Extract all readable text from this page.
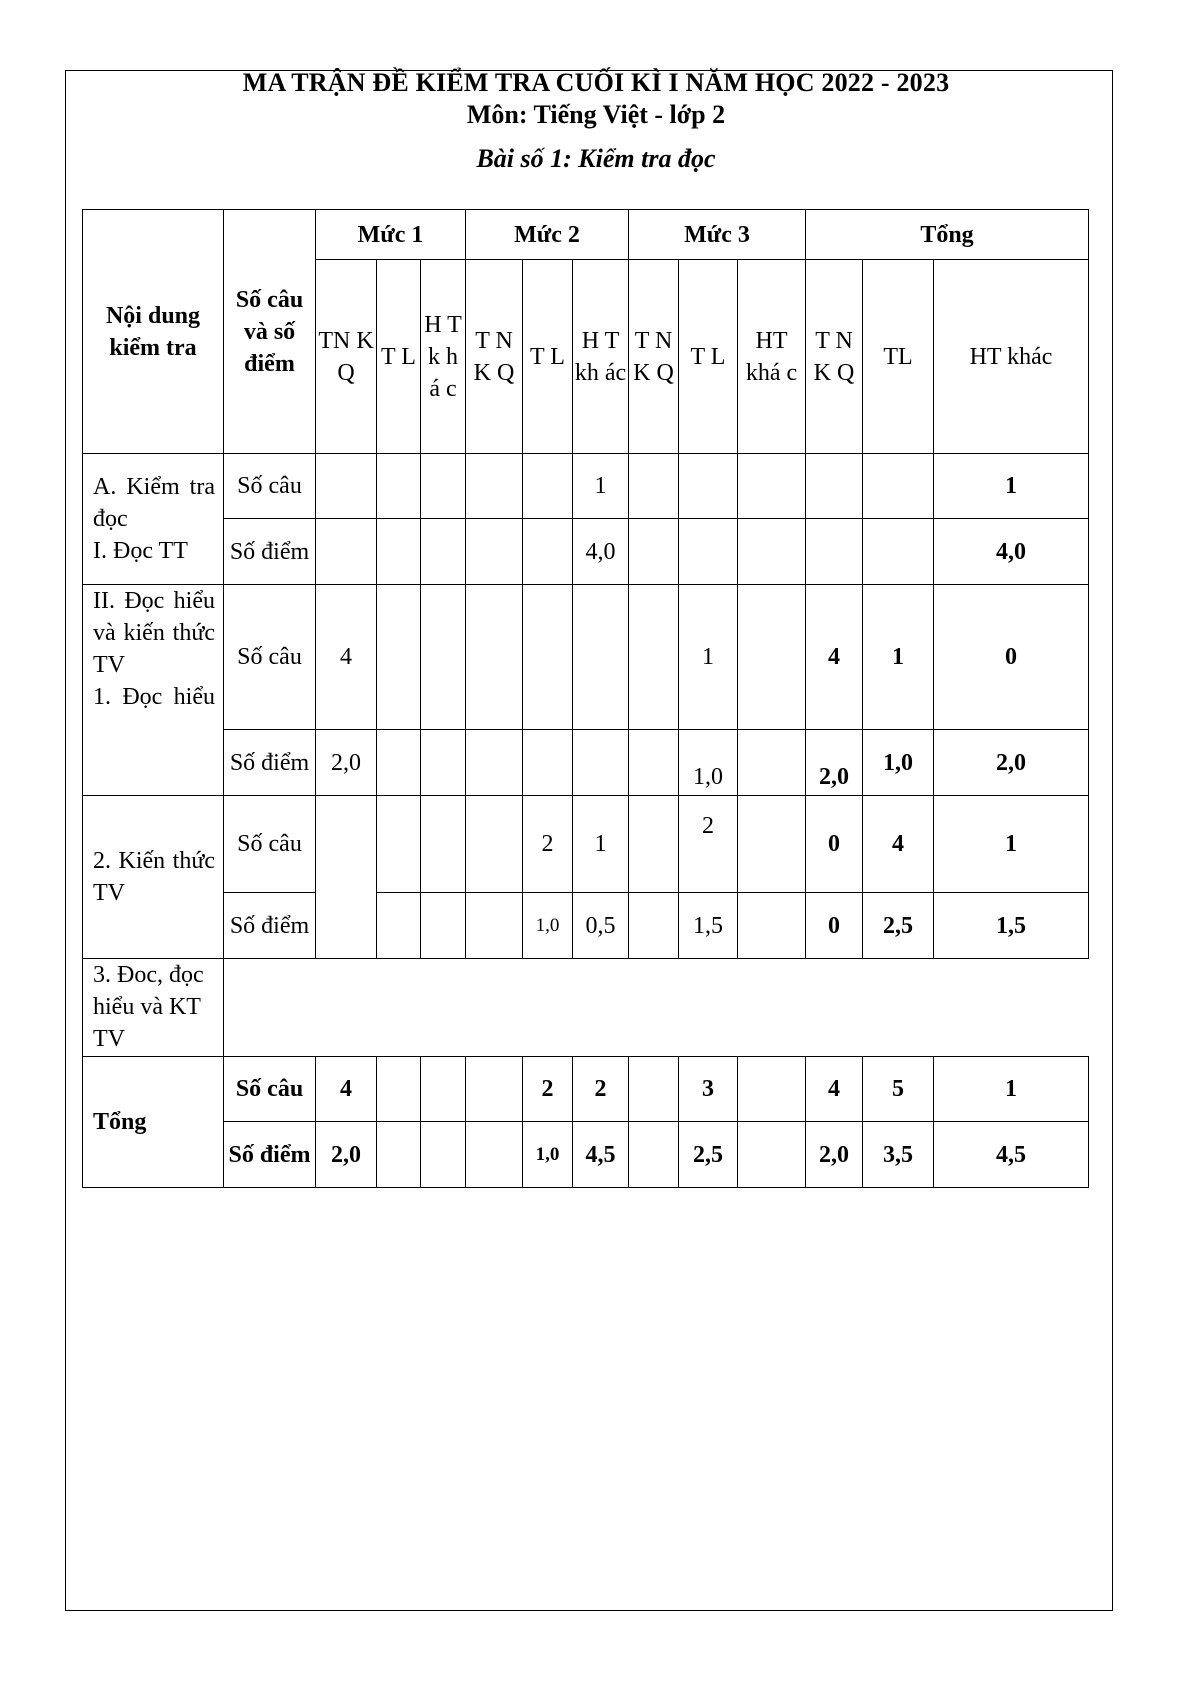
MA TRẬN ĐỀ KIỂM TRA CUỐI KÌ I NĂM HỌC 2022 - 2023
Môn: Tiếng Việt - lớp 2
Bài số 1: Kiểm tra đọc
Nội dung kiểm tra	Số câu và số điểm	Mức 1			Mức 2			Mức 3			Tổng		
		TN K Q	T L	H T k h á c	T N K Q	T L	H T kh ác	T N K Q	T L	HT khá c	T N K Q	TL	HT khác

A. Kiểm tra đọc
I. Đọc TT	Số câu						1						1
	Số điểm						4,0						4,0

II. Đọc hiểu và kiến thức TV
1. Đọc hiểu	Số câu	4							1		4	1	0
	Số điểm	2,0							1,0		2,0	1,0	2,0

2. Kiến thức TV	Số câu					2	1		2		0	4	1
	Số điểm					1,0	0,5		1,5		0	2,5	1,5

3. Đoc, đọc hiểu và KT TV													

Tổng	Số câu	4				2	2		3		4	5	1
	Số điểm	2,0				1,0	4,5		2,5		2,0	3,5	4,5
